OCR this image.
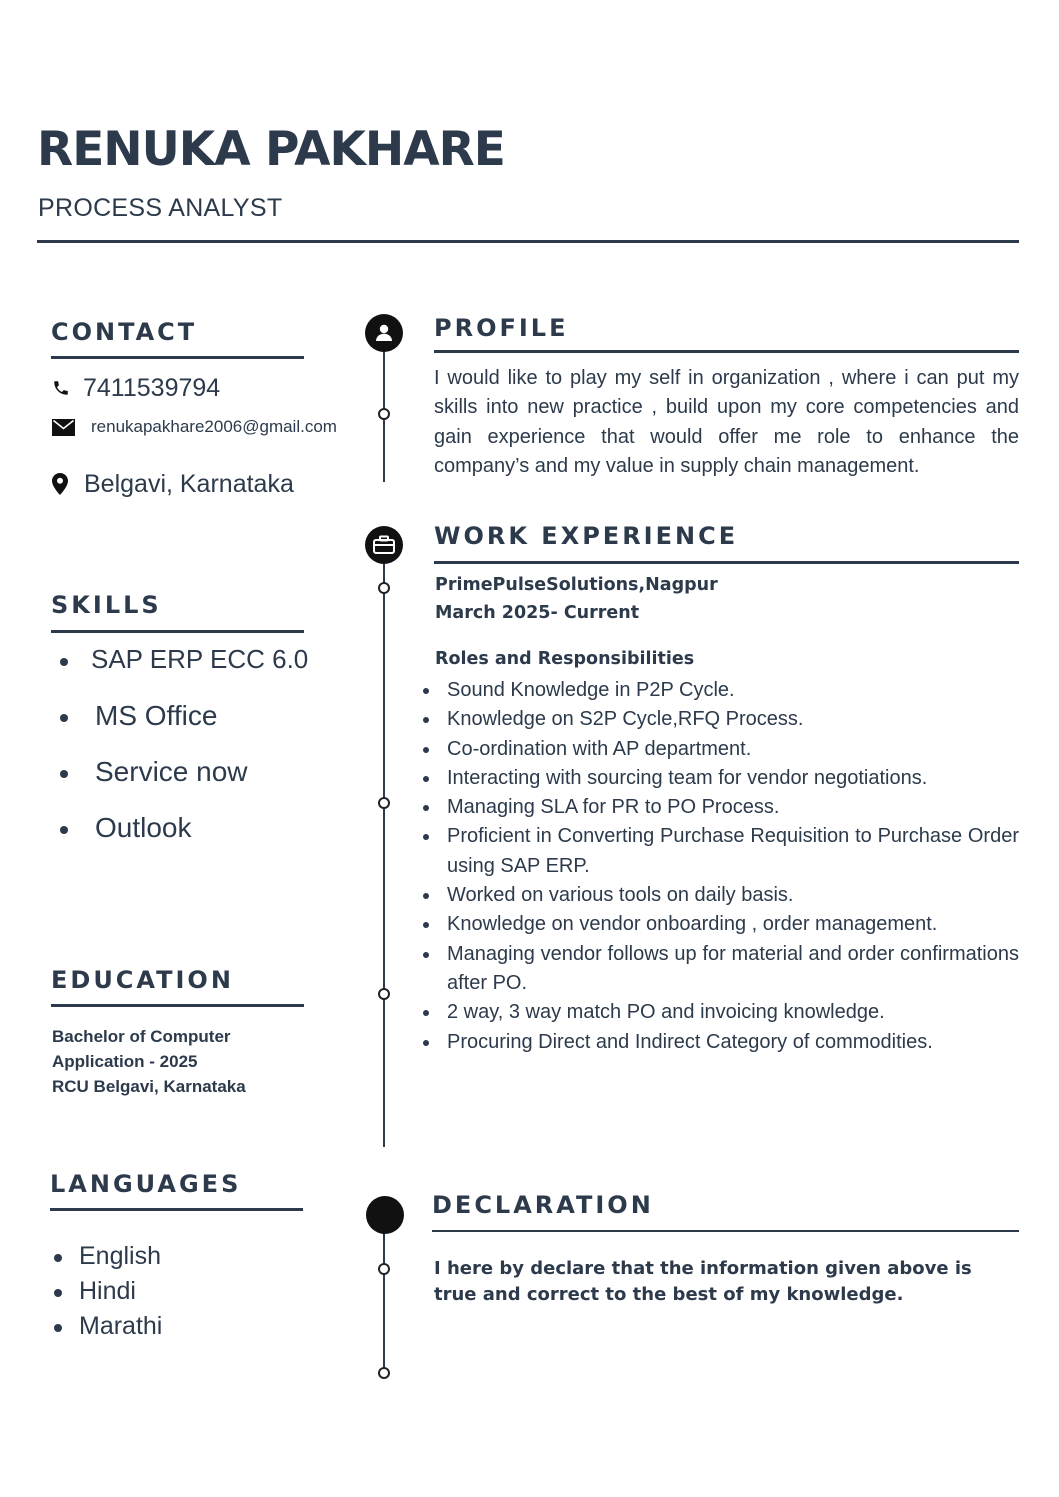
RENUKA PAKHARE
PROCESS ANALYST
CONTACT
7411539794
renukapakhare2006@gmail.com
Belgavi, Karnataka
SKILLS
SAP ERP ECC 6.0
MS Office
Service now
Outlook
EDUCATION
Bachelor of Computer
Application - 2025
RCU Belgavi, Karnataka
LANGUAGES
English
Hindi
Marathi
PROFILE
I would like to play my self in organization , where i can put my skills into new practice , build upon my core competencies and gain experience that would offer me role to enhance the company’s and my value in supply chain management.
WORK EXPERIENCE
PrimePulseSolutions,Nagpur
March 2025- Current
Roles and Responsibilities
Sound Knowledge in P2P Cycle.
Knowledge on S2P Cycle,RFQ Process.
Co-ordination with AP department.
Interacting with sourcing team for vendor negotiations.
Managing SLA for PR to PO Process.
Proficient in Converting Purchase Requisition to Purchase Order using SAP ERP.
Worked on various tools on daily basis.
Knowledge on vendor onboarding , order management.
Managing vendor follows up for material and order confirmations after PO.
2 way, 3 way match PO and invoicing knowledge.
Procuring Direct and Indirect Category of commodities.
DECLARATION
I here by declare that the information given above is true and correct to the best of my knowledge.
